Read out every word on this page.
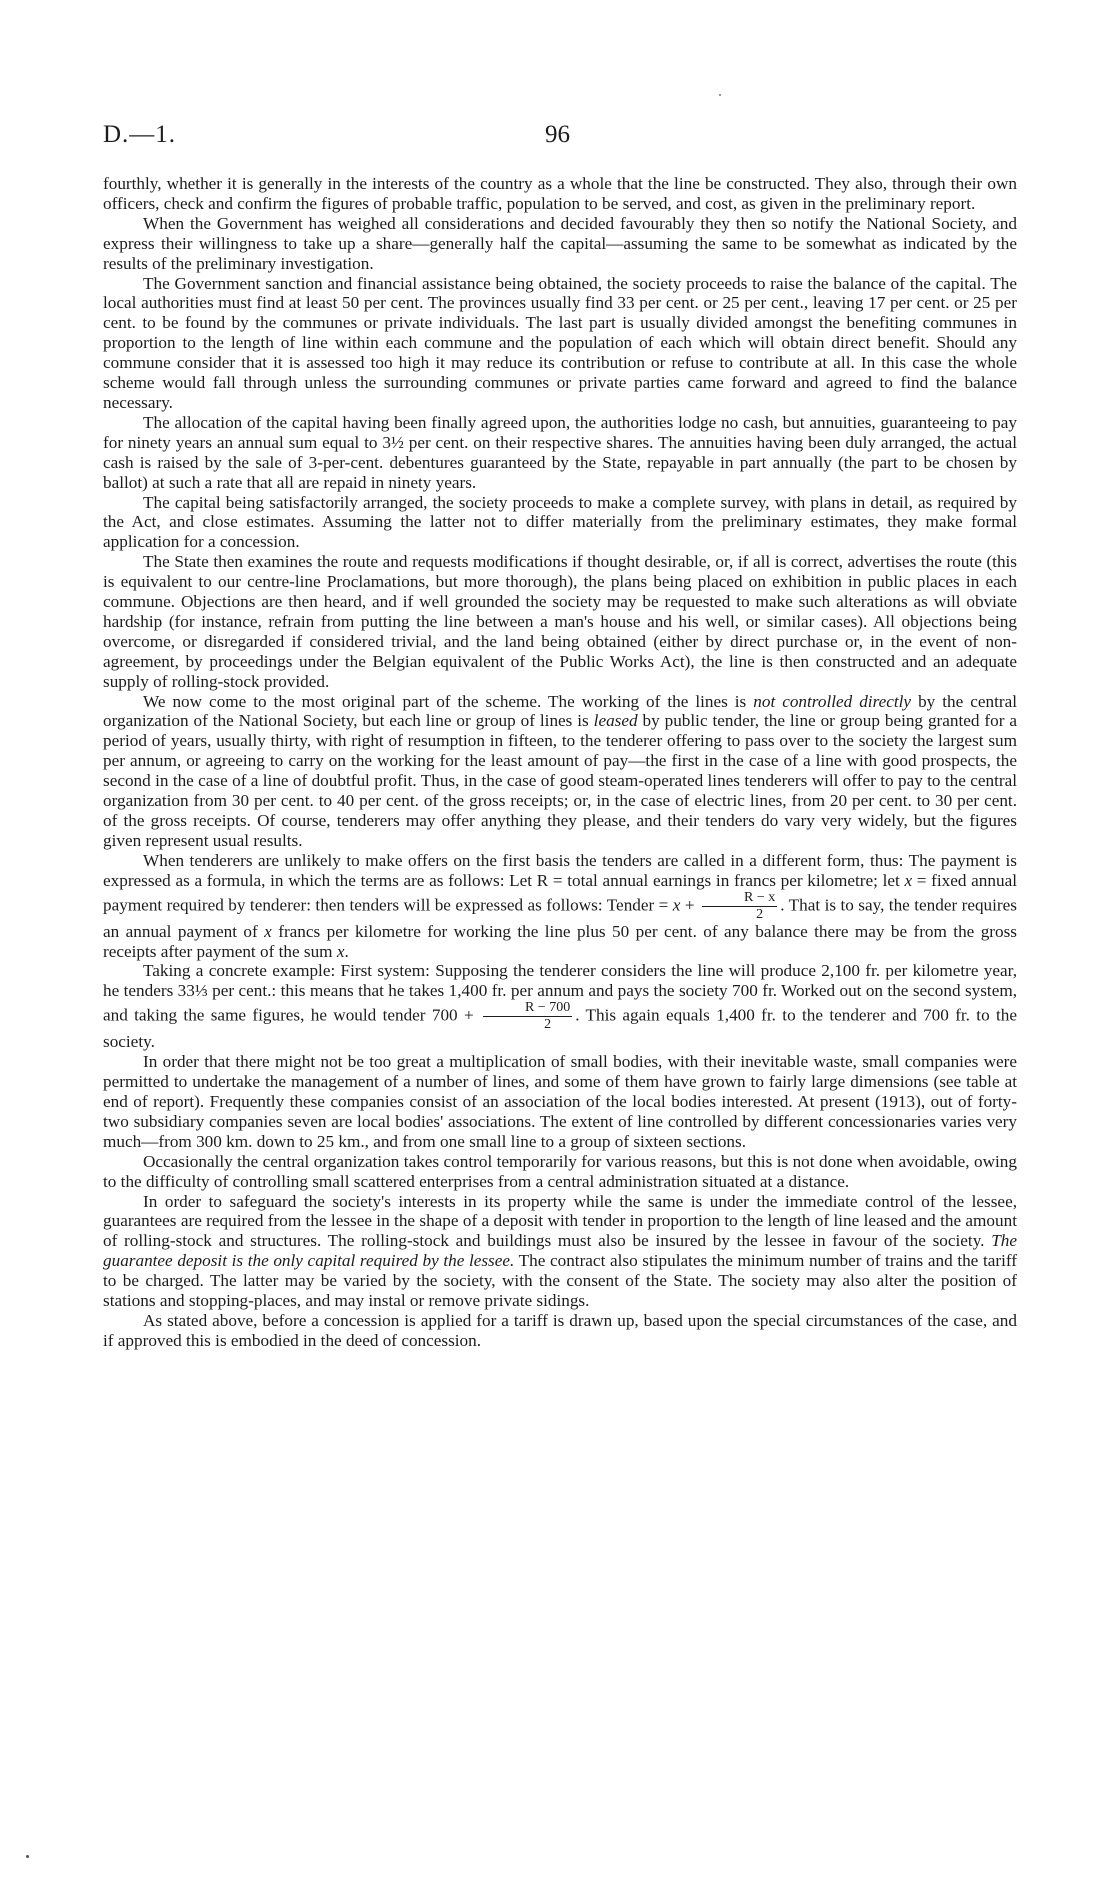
D.—1.	96

fourthly, whether it is generally in the interests of the country as a whole that the line be constructed. They also, through their own officers, check and confirm the figures of probable traffic, population to be served, and cost, as given in the preliminary report.

When the Government has weighed all considerations and decided favourably they then so notify the National Society, and express their willingness to take up a share—generally half the capital—assuming the same to be somewhat as indicated by the results of the preliminary investigation.

The Government sanction and financial assistance being obtained, the society proceeds to raise the balance of the capital. The local authorities must find at least 50 per cent. The provinces usually find 33 per cent. or 25 per cent., leaving 17 per cent. or 25 per cent. to be found by the communes or private individuals. The last part is usually divided amongst the benefiting communes in proportion to the length of line within each commune and the population of each which will obtain direct benefit. Should any commune consider that it is assessed too high it may reduce its contribution or refuse to contribute at all. In this case the whole scheme would fall through unless the surrounding communes or private parties came forward and agreed to find the balance necessary.

The allocation of the capital having been finally agreed upon, the authorities lodge no cash, but annuities, guaranteeing to pay for ninety years an annual sum equal to 3½ per cent. on their respective shares. The annuities having been duly arranged, the actual cash is raised by the sale of 3-per-cent. debentures guaranteed by the State, repayable in part annually (the part to be chosen by ballot) at such a rate that all are repaid in ninety years.

The capital being satisfactorily arranged, the society proceeds to make a complete survey, with plans in detail, as required by the Act, and close estimates. Assuming the latter not to differ materially from the preliminary estimates, they make formal application for a concession.

The State then examines the route and requests modifications if thought desirable, or, if all is correct, advertises the route (this is equivalent to our centre-line Proclamations, but more thorough), the plans being placed on exhibition in public places in each commune. Objections are then heard, and if well grounded the society may be requested to make such alterations as will obviate hardship (for instance, refrain from putting the line between a man's house and his well, or similar cases). All objections being overcome, or disregarded if considered trivial, and the land being obtained (either by direct purchase or, in the event of non-agreement, by proceedings under the Belgian equivalent of the Public Works Act), the line is then constructed and an adequate supply of rolling-stock provided.

We now come to the most original part of the scheme. The working of the lines is not controlled directly by the central organization of the National Society, but each line or group of lines is leased by public tender, the line or group being granted for a period of years, usually thirty, with right of resumption in fifteen, to the tenderer offering to pass over to the society the largest sum per annum, or agreeing to carry on the working for the least amount of pay—the first in the case of a line with good prospects, the second in the case of a line of doubtful profit. Thus, in the case of good steam-operated lines tenderers will offer to pay to the central organization from 30 per cent. to 40 per cent. of the gross receipts; or, in the case of electric lines, from 20 per cent. to 30 per cent. of the gross receipts. Of course, tenderers may offer anything they please, and their tenders do vary very widely, but the figures given represent usual results.

When tenderers are unlikely to make offers on the first basis the tenders are called in a different form, thus: The payment is expressed as a formula, in which the terms are as follows: Let R = total annual earnings in francs per kilometre; let x = fixed annual payment required by tenderer: then tenders will be expressed as follows: Tender = $x + \frac{R - x}{2}$ . That is to say, the tender requires an annual payment of x francs per kilometre for working the line plus 50 per cent. of any balance there may be from the gross receipts after payment of the sum x.

Taking a concrete example: First system: Supposing the tenderer considers the line will produce 2,100 fr. per kilometre year, he tenders 33⅓ per cent.: this means that he takes 1,400 fr. per annum and pays the society 700 fr. Worked out on the second system, and taking the same figures, he would tender $700 + \frac{R - 700}{2}$ . This again equals 1,400 fr. to the tenderer and 700 fr. to the society.

In order that there might not be too great a multiplication of small bodies, with their inevitable waste, small companies were permitted to undertake the management of a number of lines, and some of them have grown to fairly large dimensions (see table at end of report). Frequently these companies consist of an association of the local bodies interested. At present (1913), out of forty-two subsidiary companies seven are local bodies' associations. The extent of line controlled by different concessionaries varies very much—from 300 km. down to 25 km., and from one small line to a group of sixteen sections.

Occasionally the central organization takes control temporarily for various reasons, but this is not done when avoidable, owing to the difficulty of controlling small scattered enterprises from a central administration situated at a distance.

In order to safeguard the society's interests in its property while the same is under the immediate control of the lessee, guarantees are required from the lessee in the shape of a deposit with tender in proportion to the length of line leased and the amount of rolling-stock and structures. The rolling-stock and buildings must also be insured by the lessee in favour of the society. The guarantee deposit is the only capital required by the lessee. The contract also stipulates the minimum number of trains and the tariff to be charged. The latter may be varied by the society, with the consent of the State. The society may also alter the position of stations and stopping-places, and may instal or remove private sidings.

As stated above, before a concession is applied for a tariff is drawn up, based upon the special circumstances of the case, and if approved this is embodied in the deed of concession.
